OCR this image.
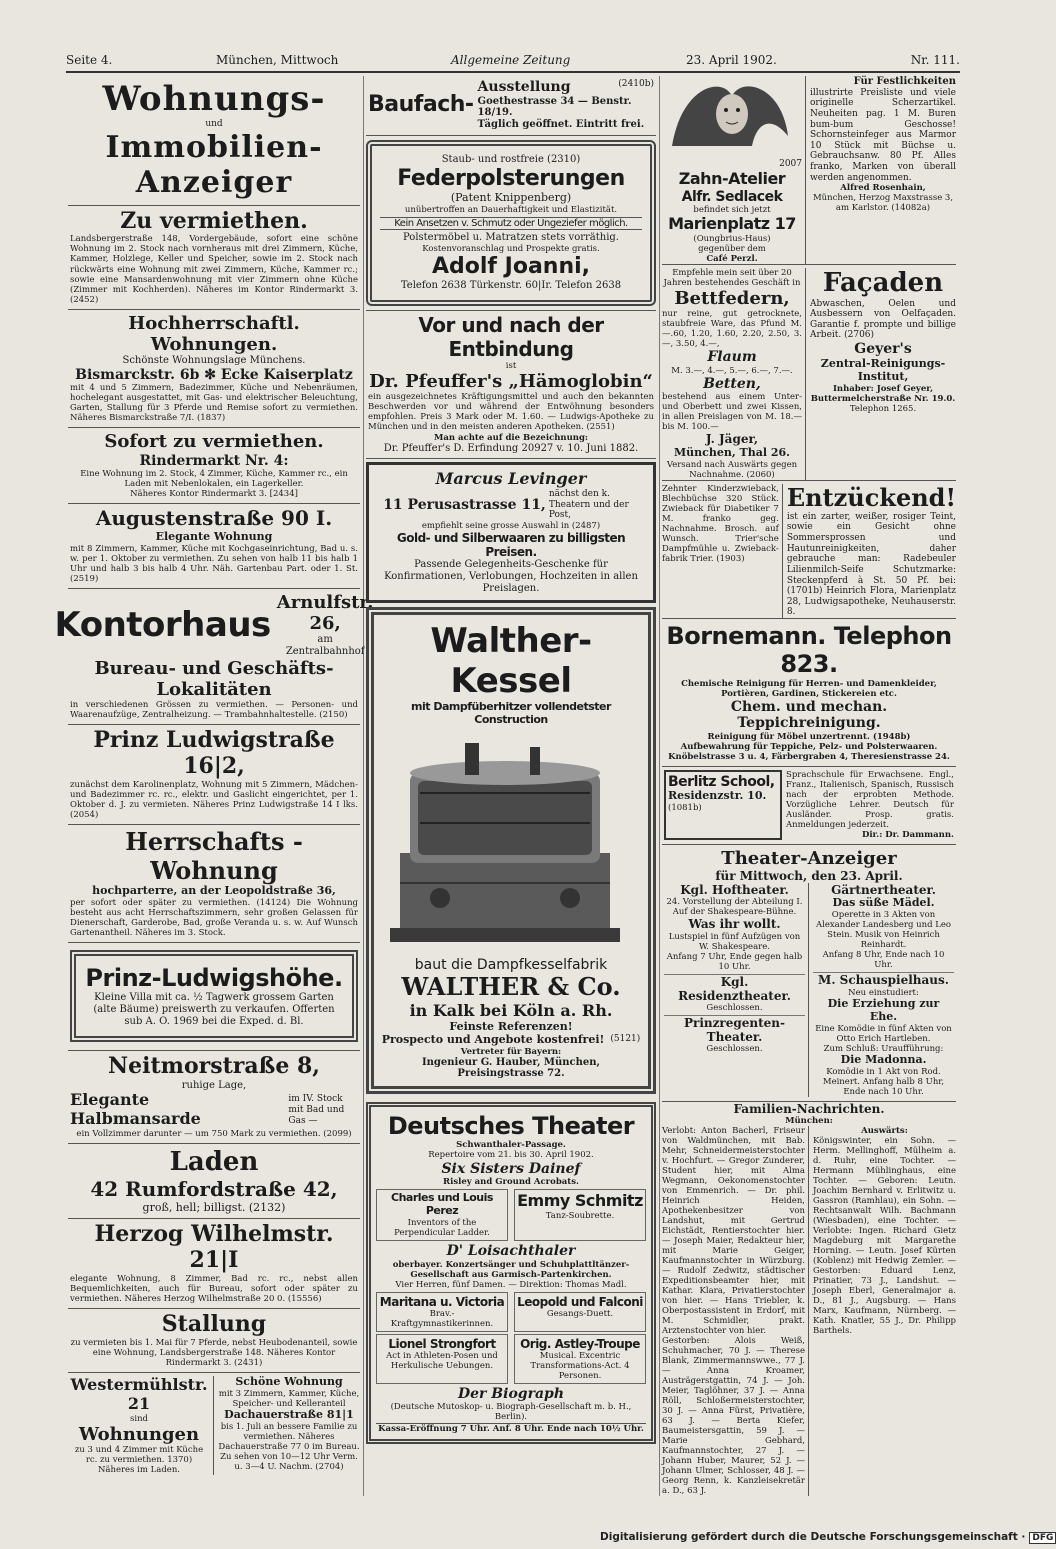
Seite 4.	München, Mittwoch	Allgemeine Zeitung	23. April 1902.	Nr. 111.
Wohnungs-
und
Immobilien-Anzeiger
Zu vermiethen.
Landsbergerstraße 148, Vordergebäude, sofort eine schöne Wohnung im 2. Stock nach vornheraus mit drei Zimmern, Küche, Kammer, Holzlege, Keller und Speicher, sowie im 2. Stock nach rückwärts eine Wohnung mit zwei Zimmern, Küche, Kammer rc.; sowie eine Mansardenwohnung mit vier Zimmern ohne Küche (Zimmer mit Kochherden). Näheres im Kontor Rindermarkt 3. (2452)
Hochherrschaftl. Wohnungen.
Schönste Wohnungslage Münchens.
Bismarckstr. 6b ✻ Ecke Kaiserplatz
mit 4 und 5 Zimmern, Badezimmer, Küche und Nebenräumen, hochelegant ausgestattet, mit Gas- und elektrischer Beleuchtung, Garten, Stallung für 3 Pferde und Remise sofort zu vermiethen. Näheres Bismarckstraße 7/I. (1837)
Sofort zu vermiethen.
Rindermarkt Nr. 4:
Eine Wohnung im 2. Stock, 4 Zimmer, Küche, Kammer rc., ein Laden mit Nebenlokalen, ein Lagerkeller.
Näheres Kontor Rindermarkt 3. [2434]
Augustenstraße 90 I.
Elegante Wohnung
mit 8 Zimmern, Kammer, Küche mit Kochgaseinrichtung, Bad u. s. w. per 1. Oktober zu vermiethen. Zu sehen von halb 11 bis halb 1 Uhr und halb 3 bis halb 4 Uhr. Näh. Gartenbau Part. oder 1. St. (2519)
Kontorhaus
Arnulfstr. 26,
am Zentralbahnhof
Bureau- und Geschäfts-Lokalitäten
in verschiedenen Grössen zu vermiethen. — Personen- und Waarenaufzüge, Zentralheizung. — Trambahnhaltestelle. (2150)
Prinz Ludwigstraße 16|2,
zunächst dem Karolinenplatz, Wohnung mit 5 Zimmern, Mädchen- und Badezimmer rc. rc., elektr. und Gaslicht eingerichtet, per 1. Oktober d. J. zu vermieten. Näheres Prinz Ludwigstraße 14 I lks. (2054)
Herrschafts - Wohnung
hochparterre, an der Leopoldstraße 36,
per sofort oder später zu vermiethen. (14124) Die Wohnung besteht aus acht Herrschaftszimmern, sehr großen Gelassen für Dienerschaft, Garderobe, Bad, große Veranda u. s. w. Auf Wunsch Gartenantheil. Näheres im 3. Stock.
Prinz-Ludwigshöhe.
Kleine Villa mit ca. ½ Tagwerk grossem Garten (alte Bäume) preiswerth zu verkaufen. Offerten sub A. O. 1969 bei die Exped. d. Bl.
Neitmorstraße 8,
ruhige Lage,
Elegante Halbmansarde
im IV. Stock mit Bad und Gas —
ein Vollzimmer darunter — um 750 Mark zu vermiethen. (2099)
Laden
42 Rumfordstraße 42,
groß, hell; billigst. (2132)
Herzog Wilhelmstr. 21|I
elegante Wohnung, 8 Zimmer, Bad rc. rc., nebst allen Bequemlichkeiten, auch für Bureau, sofort oder später zu vermiethen. Näheres Herzog Wilhelmstraße 20 0. (15556)
Stallung
zu vermieten bis 1. Mai für 7 Pferde, nebst Heubodenanteil, sowie eine Wohnung, Landsbergerstraße 148. Näheres Kontor Rindermarkt 3. (2431)
Westermühlstr. 21
sind
Wohnungen
zu 3 und 4 Zimmer mit Küche rc. zu vermiethen. 1370) Näheres im Laden.
Schöne Wohnung
mit 3 Zimmern, Kammer, Küche, Speicher- und Kelleranteil
Dachauerstraße 81|1
bis 1. Juli an bessere Familie zu vermiethen. Näheres Dachauerstraße 77 0 im Bureau. Zu sehen von 10—12 Uhr Verm. u. 3—4 U. Nachm. (2704)
Baufach-
Ausstellung	(2410b)
Goethestrasse 34 — Benstr. 18/19.
Täglich geöffnet. Eintritt frei.
Staub- und rostfreie (2310)
Federpolsterungen
(Patent Knippenberg)
unübertroffen an Dauerhaftigkeit und Elastizität.
Kein Ansetzen v. Schmutz oder Ungeziefer möglich.
Polstermöbel u. Matratzen stets vorräthig.
Kostenvoranschlag und Prospekte gratis.
Adolf Joanni,
Telefon 2638 Türkenstr. 60|Ir. Telefon 2638
Vor und nach der Entbindung
ist
Dr. Pfeuffer's „Hämoglobin“
ein ausgezeichnetes Kräftigungsmittel und auch den bekannten Beschwerden vor und während der Entwöhnung besonders empfohlen. Preis 3 Mark oder M. 1.60. — Ludwigs-Apotheke zu München und in den meisten anderen Apotheken. (2551)
Man achte auf die Bezeichnung:
Dr. Pfeuffer's D. Erfindung 20927 v. 10. Juni 1882.
Marcus Levinger
11 Perusastrasse 11,
nächst den k. Theatern und der Post,
empfiehlt seine grosse Auswahl in (2487)
Gold- und Silberwaaren zu billigsten Preisen.
Passende Gelegenheits-Geschenke für Konfirmationen, Verlobungen, Hochzeiten in allen Preislagen.
Walther-Kessel
mit Dampfüberhitzer vollendetster Construction
baut die Dampfkesselfabrik
WALTHER & Co.
in Kalk bei Köln a. Rh.
Feinste Referenzen!
Prospecto und Angebote kostenfrei! (5121)
Vertreter für Bayern:
Ingenieur G. Hauber, München, Preisingstrasse 72.
Deutsches Theater
Schwanthaler-Passage.
Repertoire vom 21. bis 30. April 1902.
Six Sisters Dainef
Risley and Ground Acrobats.
Charles und Louis Perez
Inventors of the Perpendicular Ladder.
Emmy Schmitz
Tanz-Soubrette.
D' Loisachthaler
oberbayer. Konzertsänger und Schuhplattltänzer-Gesellschaft aus Garmisch-Partenkirchen.
Vier Herren, fünf Damen. — Direktion: Thomas Madl.
Maritana u. Victoria
Brav.-Kraftgymnastikerinnen.
Leopold und Falconi
Gesangs-Duett.
Lionel Strongfort
Act in Athleten-Posen und Herkulische Uebungen.
Orig. Astley-Troupe
Musical. Excentric Transformations-Act. 4 Personen.
Der Biograph
(Deutsche Mutoskop- u. Biograph-Gesellschaft m. b. H., Berlin).
Kassa-Eröffnung 7 Uhr. Anf. 8 Uhr. Ende nach 10½ Uhr.
2007
Zahn-Atelier
Alfr. Sedlacek
befindet sich jetzt
Marienplatz 17
(Oungbrius-Haus)
gegenüber dem
Café Perzl.
Für Festlichkeiten
illustrirte Preisliste und viele originelle Scherzartikel. Neuheiten pag. 1 M. Buren bum-bum Geschosse! Schornsteinfeger aus Marmor 10 Stück mit Büchse u. Gebrauchsanw. 80 Pf. Alles franko, Marken von überall werden angenommen.
Alfred Rosenhain,
München, Herzog Maxstrasse 3, am Karlstor. (14082a)
Empfehle mein seit über 20 Jahren bestehendes Geschäft in
Bettfedern,
nur reine, gut getrocknete, staubfreie Ware, das Pfund M. —.60, 1.20, 1.60, 2.20, 2.50, 3. —, 3.50, 4.—,
Flaum
M. 3.—, 4.—, 5.—, 6.—, 7.—.
Betten,
bestehend aus einem Unter- und Oberbett und zwei Kissen, in allen Preislagen von M. 18.— bis M. 100.—
J. Jäger,
München, Thal 26.
Versand nach Auswärts gegen Nachnahme. (2060)
Façaden
Abwaschen, Oelen und Ausbessern von Oelfaçaden. Garantie f. prompte und billige Arbeit. (2706)
Geyer's
Zentral-Reinigungs-Institut,
Inhaber: Josef Geyer,
Buttermelcherstraße Nr. 19.0.
Telephon 1265.
Zehnter Kinderzwieback, Blechbüchse 320 Stück. Zwieback für Diabetiker 7 M. franko geg. Nachnahme. Brosch. auf Wunsch. Trier'sche Dampfmühle u. Zwieback-fabrik Trier. (1903)
Entzückend!
ist ein zarter, weißer, rosiger Teint, sowie ein Gesicht ohne Sommersprossen und Hautunreinigkeiten, daher gebrauche man: Radebeuler Lilienmilch-Seife Schutzmarke: Steckenpferd à St. 50 Pf. bei: (1701b) Heinrich Flora, Marienplatz 28, Ludwigsapotheke, Neuhauserstr. 8.
Bornemann. Telephon 823.
Chemische Reinigung für Herren- und Damenkleider, Portièren, Gardinen, Stickereien etc.
Chem. und mechan. Teppichreinigung.
Reinigung für Möbel unzertrennt. (1948b)
Aufbewahrung für Teppiche, Pelz- und Polsterwaaren.
Knöbelstrasse 3 u. 4, Färbergraben 4, Theresienstrasse 24.
Berlitz School,
Residenzstr. 10.
(1081b)
Sprachschule für Erwachsene. Engl., Franz., Italienisch, Spanisch, Russisch nach der erprobten Methode. Vorzügliche Lehrer. Deutsch für Ausländer. Prosp. gratis. Anmeldungen jederzeit.
Dir.: Dr. Dammann.
Theater-Anzeiger
für Mittwoch, den 23. April.
Kgl. Hoftheater.
24. Vorstellung der Abteilung I. Auf der Shakespeare-Bühne.
Was ihr wollt.
Lustspiel in fünf Aufzügen von W. Shakespeare.
Anfang 7 Uhr, Ende gegen halb 10 Uhr.
Kgl. Residenztheater.
Geschlossen.
Prinzregenten-Theater.
Geschlossen.
Gärtnertheater.
Das süße Mädel.
Operette in 3 Akten von Alexander Landesberg und Leo Stein. Musik von Heinrich Reinhardt.
Anfang 8 Uhr, Ende nach 10 Uhr.
M. Schauspielhaus.
Neu einstudiert:
Die Erziehung zur Ehe.
Eine Komödie in fünf Akten von Otto Erich Hartleben.
Zum Schluß: Uraufführung:
Die Madonna.
Komödie in 1 Akt von Rod. Meinert. Anfang halb 8 Uhr, Ende nach 10 Uhr.
Familien-Nachrichten.
München:
Verlobt: Anton Bacherl, Friseur von Waldmünchen, mit Bab. Mehr, Schneidermeisterstochter v. Hochfurt. — Gregor Zunderer, Student hier, mit Alma Wegmann, Oekonomenstochter von Emmenrich. — Dr. phil. Heinrich Heiden, Apothekenbesitzer von Landshut, mit Gertrud Eichstädt, Rentierstochter hier. — Joseph Maier, Redakteur hier, mit Marie Geiger, Kaufmannstochter in Würzburg. — Rudolf Zedwitz, städtischer Expeditionsbeamter hier, mit Kathar. Klara, Privatierstochter von hier. — Hans Triebler, k. Oberpostassistent in Erdorf, mit M. Schmidler, prakt. Arztenstochter von hier.
Gestorben: Alois Weiß, Schuhmacher, 70 J. — Therese Blank, Zimmermannswwe., 77 J. — Anna Kroamer, Austrägerstgattin, 74 J. — Joh. Meier, Taglöhner, 37 J. — Anna Röll, Schloßermeisterstochter, 30 J. — Anna Fürst, Privatière, 63 J. — Berta Kiefer, Baumeistersgattin, 59 J. — Marie Gebhard, Kaufmannstochter, 27 J. — Johann Huber, Maurer, 52 J. — Johann Ulmer, Schlosser, 48 J. — Georg Renn, k. Kanzleisekretär a. D., 63 J.
Auswärts:
Königswinter, ein Sohn. — Herm. Mellinghoff, Mülheim a. d. Ruhr, eine Tochter. — Hermann Mühlinghaus, eine Tochter. — Geboren: Leutn. Joachim Bernhard v. Erlitwitz u. Gassron (Ramhlau), ein Sohn. — Rechtsanwalt Wilh. Bachmann (Wiesbaden), eine Tochter. — Verlobte: Ingen. Richard Gietz Magdeburg mit Margarethe Horning. — Leutn. Josef Kürten (Koblenz) mit Hedwig Zemler. — Gestorben: Eduard Lenz, Prinatier, 73 J., Landshut. — Joseph Eberl, Generalmajor a. D., 81 J., Augsburg. — Hans Marx, Kaufmann, Nürnberg. — Kath. Knatler, 55 J., Dr. Philipp Barthels.
Digitalisierung gefördert durch die Deutsche Forschungsgemeinschaft · DFG
